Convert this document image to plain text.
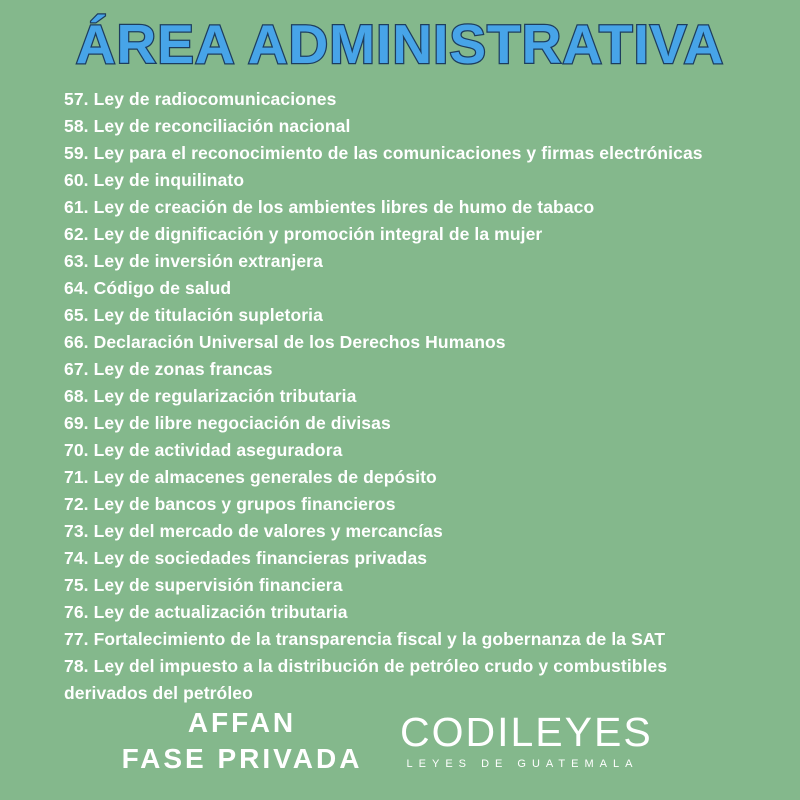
ÁREA ADMINISTRATIVA
57. Ley de radiocomunicaciones
58. Ley de reconciliación nacional
59. Ley para el reconocimiento de las comunicaciones y firmas electrónicas
60. Ley de inquilinato
61. Ley de creación de los ambientes libres de humo de tabaco
62. Ley de dignificación y promoción integral de la mujer
63. Ley de inversión extranjera
64. Código de salud
65. Ley de titulación supletoria
66. Declaración Universal de los Derechos Humanos
67. Ley de zonas francas
68. Ley de regularización tributaria
69. Ley de libre negociación de divisas
70. Ley de actividad aseguradora
71. Ley de almacenes generales de depósito
72. Ley de bancos y grupos financieros
73. Ley del mercado de valores y mercancías
74. Ley de sociedades financieras privadas
75. Ley de supervisión financiera
76. Ley de actualización tributaria
77. Fortalecimiento de la transparencia fiscal y la gobernanza de la SAT
78. Ley del impuesto a la distribución de petróleo crudo y combustibles derivados del petróleo
AFFAN
FASE PRIVADA
CODILEYES
LEYES DE GUATEMALA
